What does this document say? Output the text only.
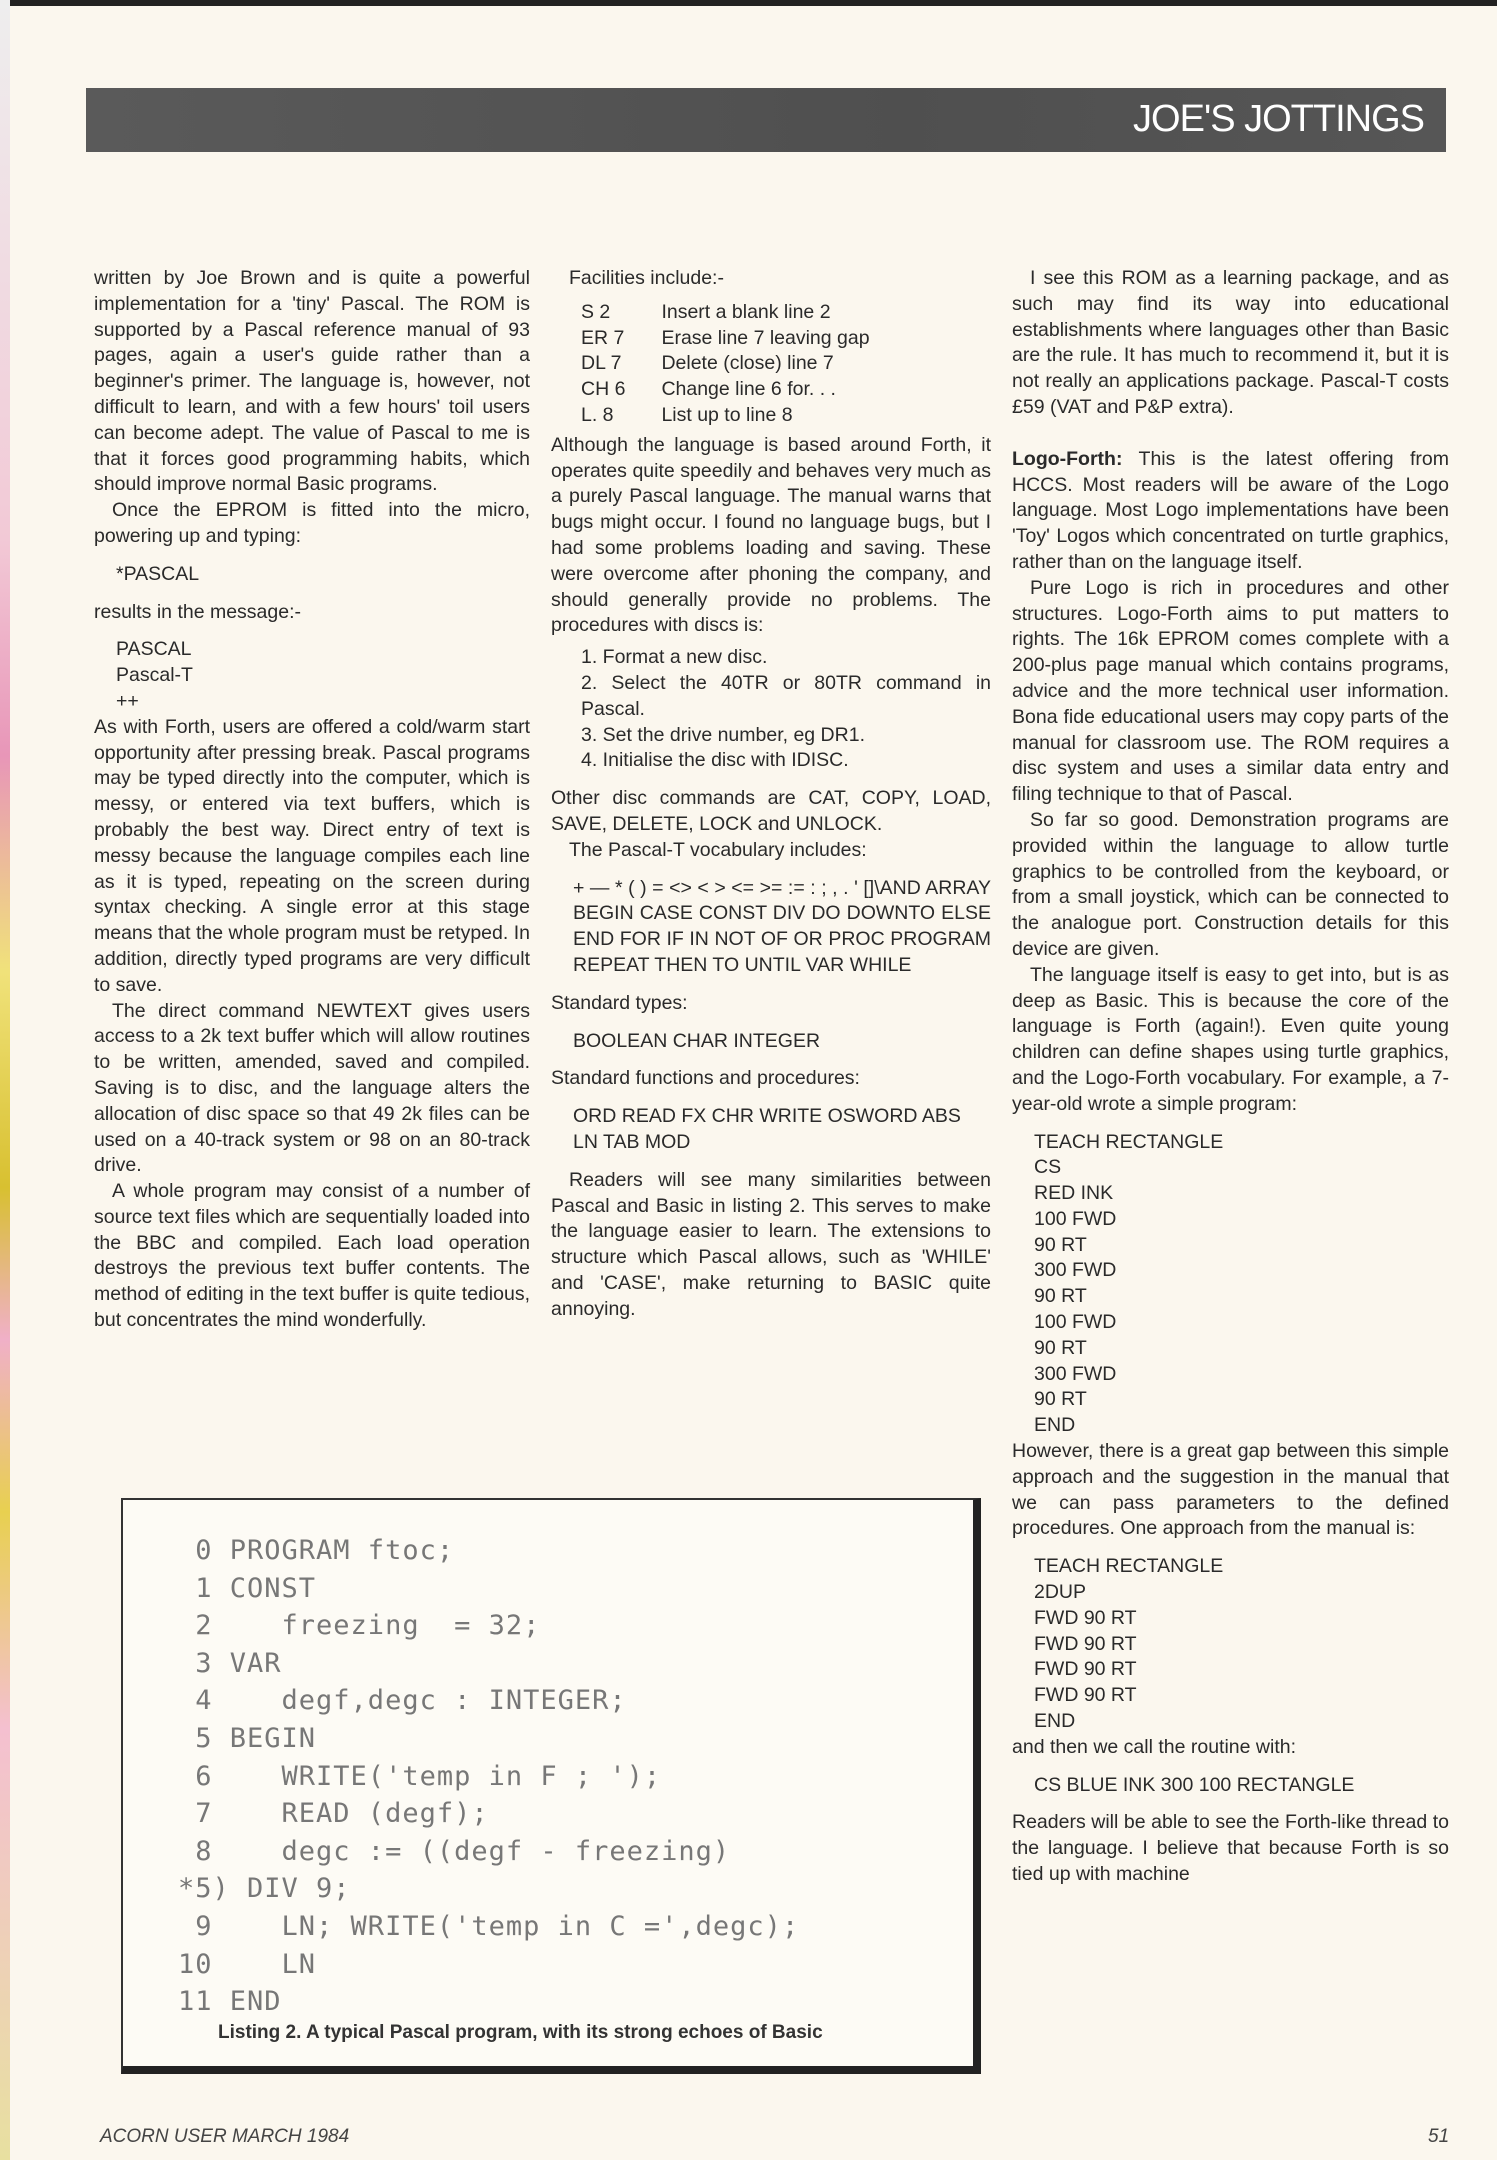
JOE'S JOTTINGS

written by Joe Brown and is quite a powerful implementation for a 'tiny' Pascal. The ROM is supported by a Pascal reference manual of 93 pages, again a user's guide rather than a beginner's primer. The language is, however, not difficult to learn, and with a few hours' toil users can become adept. The value of Pascal to me is that it forces good programming habits, which should improve normal Basic programs.

Once the EPROM is fitted into the micro, powering up and typing:

*PASCAL

results in the message:-

PASCAL

Pascal-T

++

As with Forth, users are offered a cold/warm start opportunity after pressing break. Pascal programs may be typed directly into the computer, which is messy, or entered via text buffers, which is probably the best way. Direct entry of text is messy because the language compiles each line as it is typed, repeating on the screen during syntax checking. A single error at this stage means that the whole program must be retyped. In addition, directly typed programs are very difficult to save.

The direct command NEWTEXT gives users access to a 2k text buffer which will allow routines to be written, amended, saved and compiled. Saving is to disc, and the language alters the allocation of disc space so that 49 2k files can be used on a 40-track system or 98 on an 80-track drive.

A whole program may consist of a number of source text files which are sequentially loaded into the BBC and compiled. Each load operation destroys the previous text buffer contents. The method of editing in the text buffer is quite tedious, but concentrates the mind wonderfully.

Facilities include:-

S 2	Insert a blank line 2
ER 7	Erase line 7 leaving gap
DL 7	Delete (close) line 7
CH 6	Change line 6 for. . .
L. 8	List up to line 8

Although the language is based around Forth, it operates quite speedily and behaves very much as a purely Pascal language. The manual warns that bugs might occur. I found no language bugs, but I had some problems loading and saving. These were overcome after phoning the company, and should generally provide no problems. The procedures with discs is:

1. Format a new disc.
2. Select the 40TR or 80TR command in Pascal.
3. Set the drive number, eg DR1.
4. Initialise the disc with IDISC.

Other disc commands are CAT, COPY, LOAD, SAVE, DELETE, LOCK and UNLOCK.

The Pascal-T vocabulary includes:

+ — * ( ) = <> < > <= >= := : ; , . ' []\AND ARRAY BEGIN CASE CONST DIV DO DOWNTO ELSE END FOR IF IN NOT OF OR PROC PROGRAM REPEAT THEN TO UNTIL VAR WHILE

Standard types:

BOOLEAN CHAR INTEGER

Standard functions and procedures:

ORD READ FX CHR WRITE OSWORD ABS LN TAB MOD

Readers will see many similarities between Pascal and Basic in listing 2. This serves to make the language easier to learn. The extensions to structure which Pascal allows, such as 'WHILE' and 'CASE', make returning to BASIC quite annoying.

I see this ROM as a learning package, and as such may find its way into educational establishments where languages other than Basic are the rule. It has much to recommend it, but it is not really an applications package. Pascal-T costs £59 (VAT and P&P extra).

Logo-Forth: This is the latest offering from HCCS. Most readers will be aware of the Logo language. Most Logo implementations have been 'Toy' Logos which concentrated on turtle graphics, rather than on the language itself.

Pure Logo is rich in procedures and other structures. Logo-Forth aims to put matters to rights. The 16k EPROM comes complete with a 200-plus page manual which contains programs, advice and the more technical user information. Bona fide educational users may copy parts of the manual for classroom use. The ROM requires a disc system and uses a similar data entry and filing technique to that of Pascal.

So far so good. Demonstration programs are provided within the language to allow turtle graphics to be controlled from the keyboard, or from a small joystick, which can be connected to the analogue port. Construction details for this device are given.

The language itself is easy to get into, but is as deep as Basic. This is because the core of the language is Forth (again!). Even quite young children can define shapes using turtle graphics, and the Logo-Forth vocabulary. For example, a 7-year-old wrote a simple program:

TEACH RECTANGLE
CS
RED INK
100 FWD
90 RT
300 FWD
90 RT
100 FWD
90 RT
300 FWD
90 RT
END

However, there is a great gap between this simple approach and the suggestion in the manual that we can pass parameters to the defined procedures. One approach from the manual is:

TEACH RECTANGLE
2DUP
FWD 90 RT
FWD 90 RT
FWD 90 RT
FWD 90 RT
END

and then we call the routine with:

CS BLUE INK 300 100 RECTANGLE

Readers will be able to see the Forth-like thread to the language. I believe that because Forth is so tied up with machine

0 PROGRAM ftoc;
1 CONST
2    freezing  = 32;
3 VAR
4    degf,degc : INTEGER;
5 BEGIN
6    WRITE('temp in F ; ');
7    READ (degf);
8    degc := ((degf - freezing)
*5) DIV 9;
9    LN; WRITE('temp in C =',degc);
10    LN
11 END
Listing 2. A typical Pascal program, with its strong echoes of Basic
ACORN USER MARCH 1984	51
